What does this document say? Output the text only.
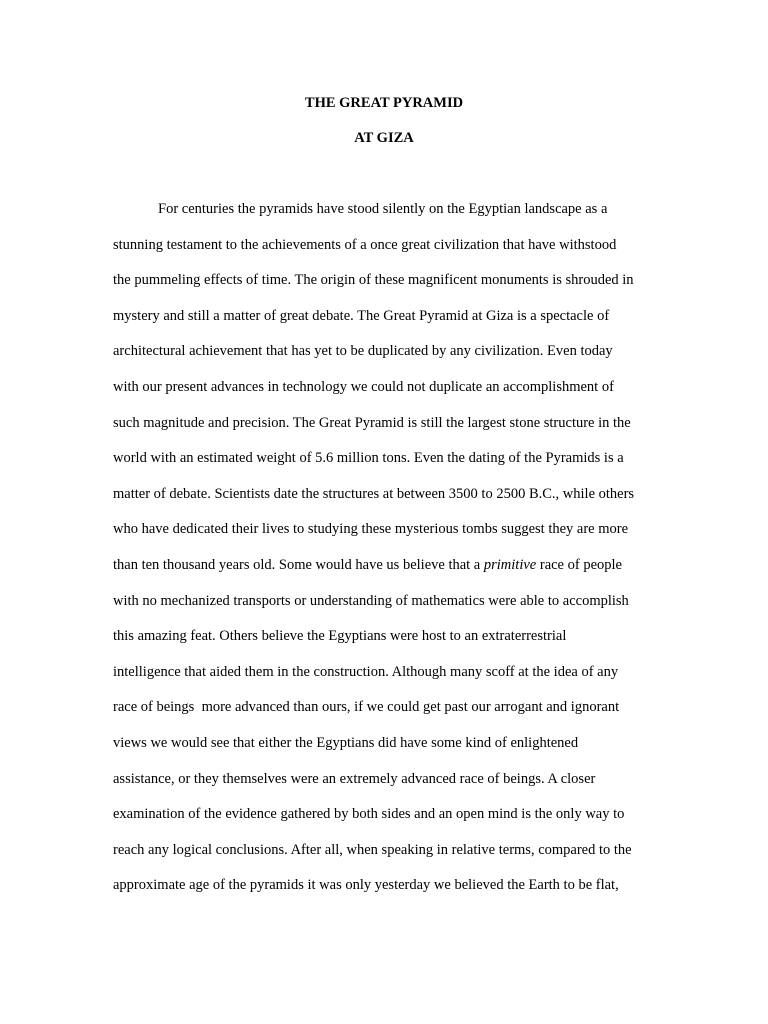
THE GREAT PYRAMID
AT GIZA
For centuries the pyramids have stood silently on the Egyptian landscape as a
stunning testament to the achievements of a once great civilization that have withstood
the pummeling effects of time. The origin of these magnificent monuments is shrouded in
mystery and still a matter of great debate. The Great Pyramid at Giza is a spectacle of
architectural achievement that has yet to be duplicated by any civilization. Even today
with our present advances in technology we could not duplicate an accomplishment of
such magnitude and precision. The Great Pyramid is still the largest stone structure in the
world with an estimated weight of 5.6 million tons. Even the dating of the Pyramids is a
matter of debate. Scientists date the structures at between 3500 to 2500 B.C., while others
who have dedicated their lives to studying these mysterious tombs suggest they are more
than ten thousand years old. Some would have us believe that a primitive race of people
with no mechanized transports or understanding of mathematics were able to accomplish
this amazing feat. Others believe the Egyptians were host to an extraterrestrial
intelligence that aided them in the construction. Although many scoff at the idea of any
race of beings  more advanced than ours, if we could get past our arrogant and ignorant
views we would see that either the Egyptians did have some kind of enlightened
assistance, or they themselves were an extremely advanced race of beings. A closer
examination of the evidence gathered by both sides and an open mind is the only way to
reach any logical conclusions. After all, when speaking in relative terms, compared to the
approximate age of the pyramids it was only yesterday we believed the Earth to be flat,
